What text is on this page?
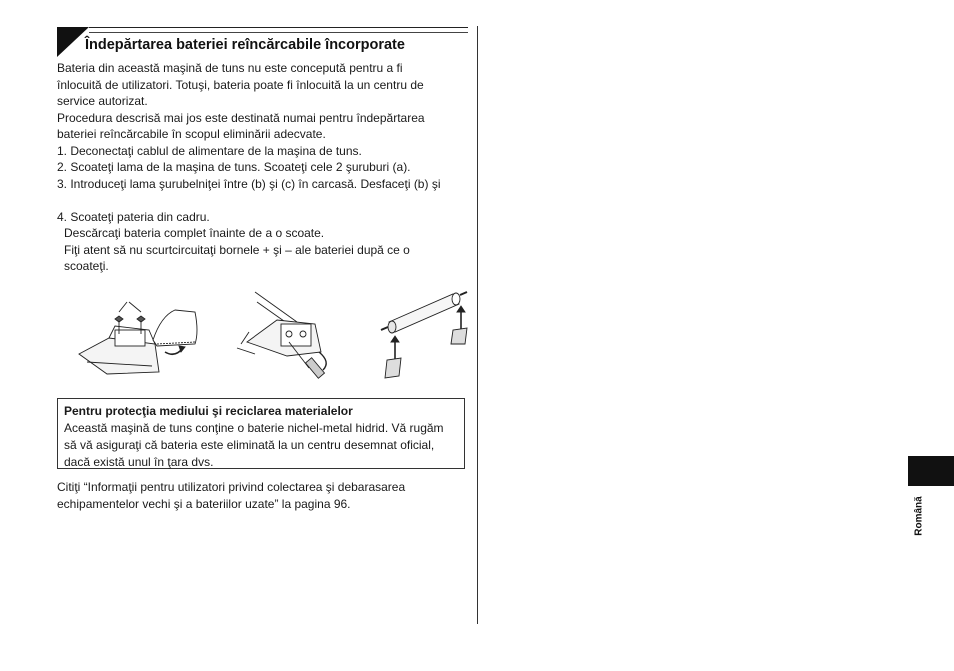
Îndepărtarea bateriei reîncărcabile încorporate

Bateria din această maşină de tuns nu este concepută pentru a fi

înlocuită de utilizatori. Totuşi, bateria poate fi înlocuită la un centru de

service autorizat.

Procedura descrisă mai jos este destinată numai pentru îndepărtarea

bateriei reîncărcabile în scopul eliminării adecvate.

1. Deconectaţi cablul de alimentare de la maşina de tuns.

2. Scoateţi lama de la maşina de tuns. Scoateţi cele 2 şuruburi (a).

3. Introduceţi lama şurubelniţei între (b) şi (c) în carcasă. Desfaceţi (b) şi

4. Scoateţi pateria din cadru.

Descărcaţi bateria complet înainte de a o scoate.

Fiţi atent să nu scurtcircuitaţi bornele + şi – ale bateriei după ce o

scoateţi.

Pentru protecţia mediului şi reciclarea materialelor
Această maşină de tuns conţine o baterie nichel-metal hidrid. Vă rugăm
să vă asiguraţi că bateria este eliminată la un centru desemnat oficial,
dacă există unul în ţara dvs.
Citiţi “Informaţii pentru utilizatori privind colectarea şi debarasarea
echipamentelor vechi şi a bateriilor uzate” la pagina 96.	Română
